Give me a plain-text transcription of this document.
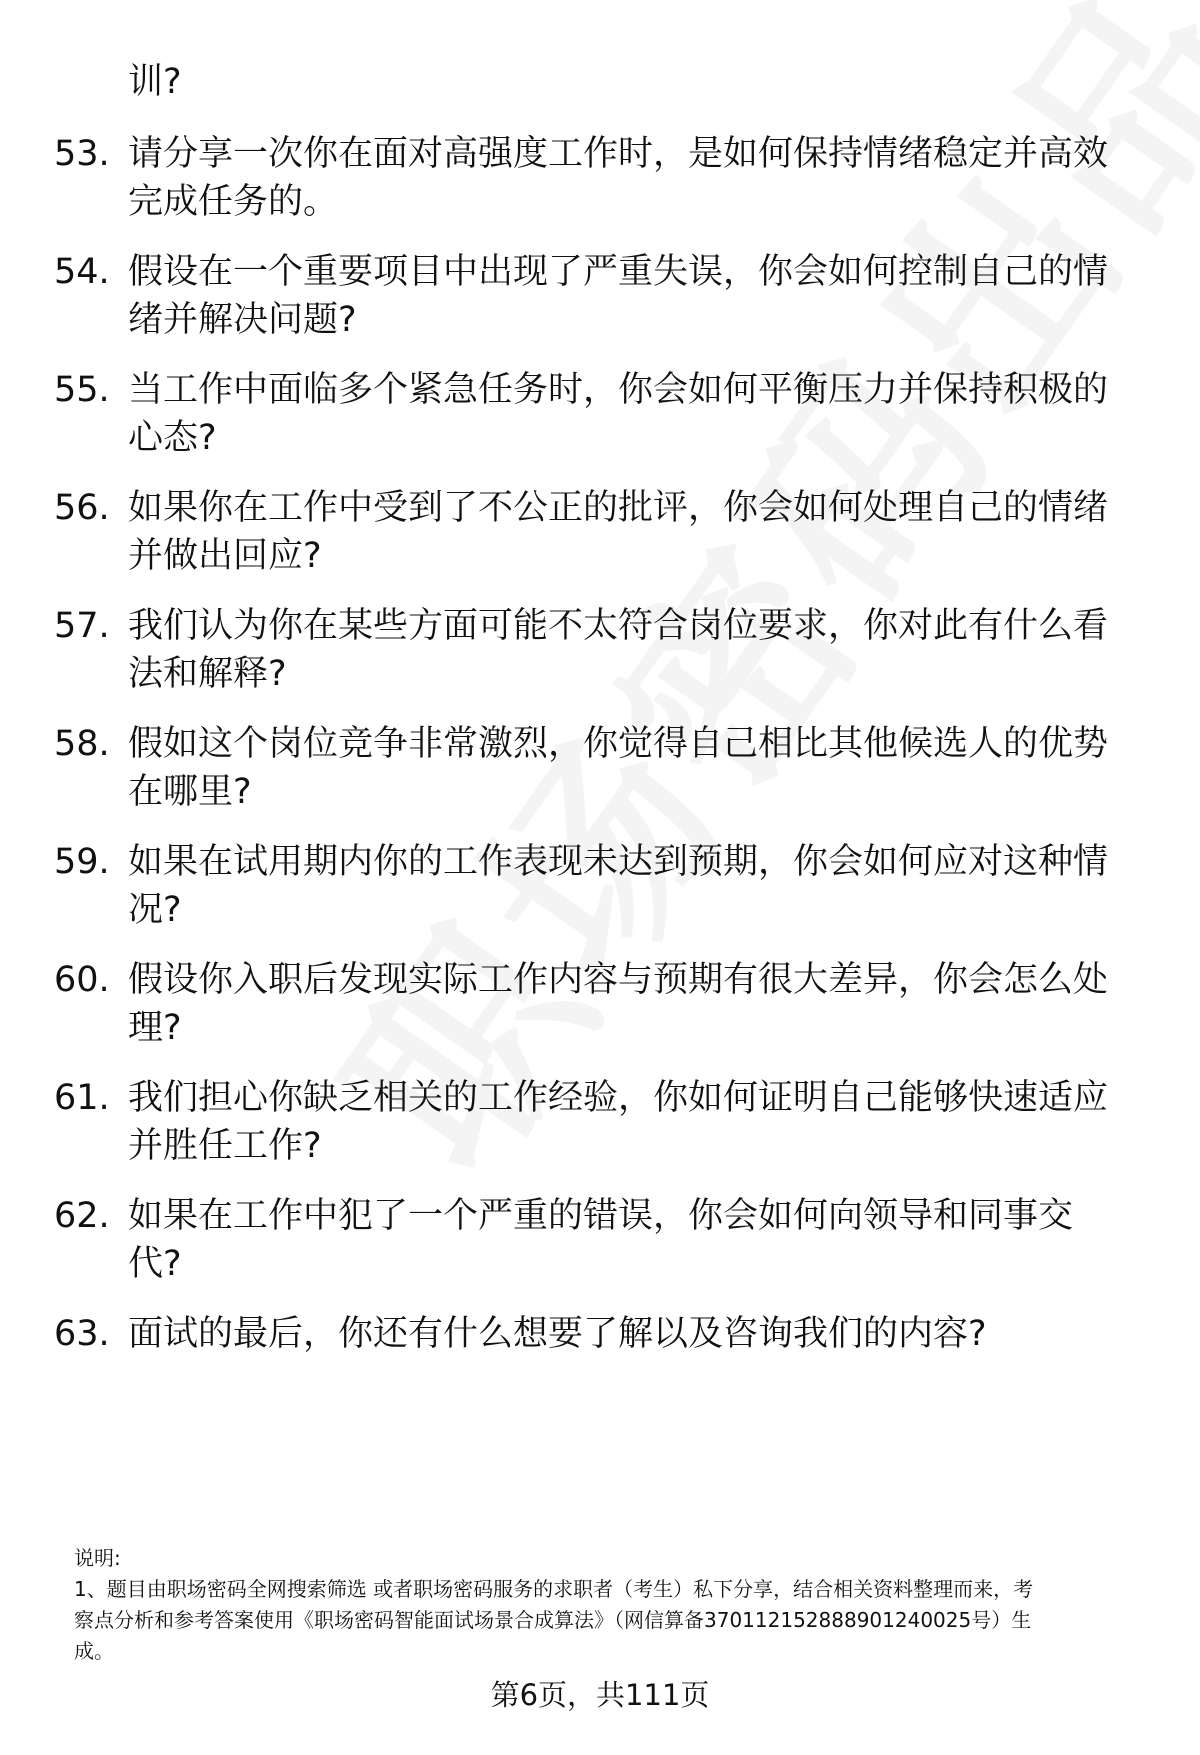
训?
53. 请分享一次你在面对高强度工作时，是如何保持情绪稳定并高效
完成任务的。
54. 假设在一个重要项目中出现了严重失误，你会如何控制自己的情
绪并解决问题?
55. 当工作中面临多个紧急任务时，你会如何平衡压力并保持积极的
心态?
56. 如果你在工作中受到了不公正的批评，你会如何处理自己的情绪
并做出回应?
57. 我们认为你在某些方面可能不太符合岗位要求，你对此有什么看
法和解释?
58. 假如这个岗位竞争非常激烈，你觉得自己相比其他候选人的优势
在哪里?
59. 如果在试用期内你的工作表现未达到预期，你会如何应对这种情
况?
60. 假设你入职后发现实际工作内容与预期有很大差异，你会怎么处
理?
61. 我们担心你缺乏相关的工作经验，你如何证明自己能够快速适应
并胜任工作?
62. 如果在工作中犯了一个严重的错误，你会如何向领导和同事交
代?
63. 面试的最后，你还有什么想要了解以及咨询我们的内容?

说明:

1、题目由职场密码全网搜索筛选 或者职场密码服务的求职者（考生）私下分享，结合相关资料整理而来，考

察点分析和参考答案使用《职场密码智能面试场景合成算法》（网信算备370112152888901240025号）生

成。

第6页，共111页
